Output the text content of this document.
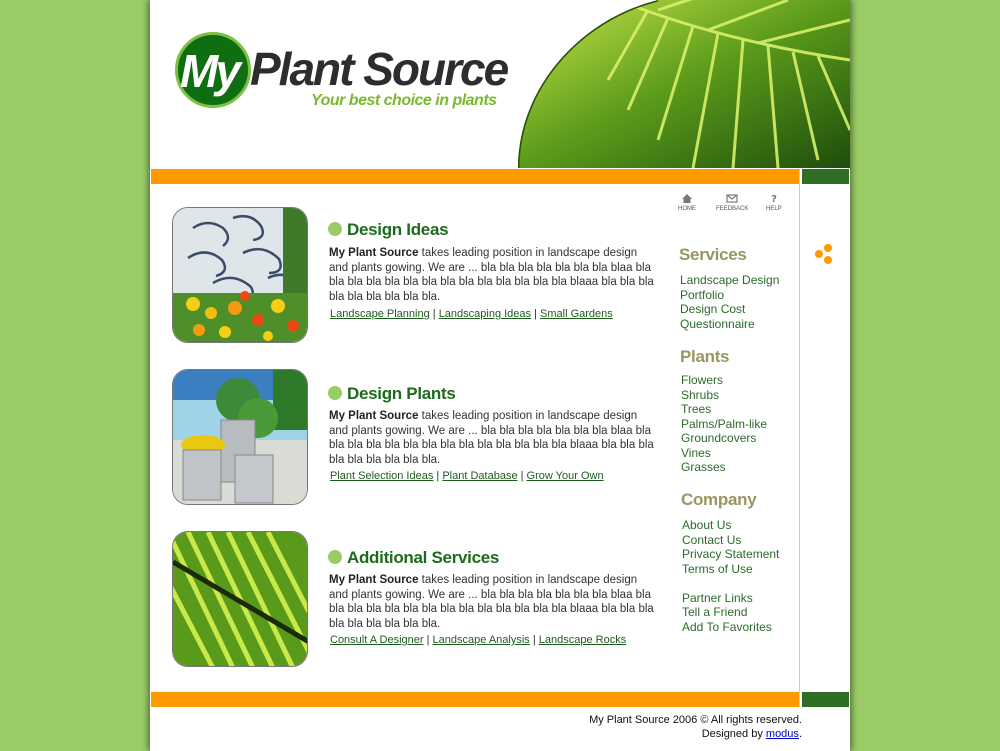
My Plant Source
Your best choice in plants
HOME	FEEDBACK
?
HELP
Design Ideas
My Plant Source takes leading position in landscape design and plants gowing. We are ... bla bla bla bla bla bla bla blaa bla bla bla bla bla bla bla bla bla bla bla bla bla bla blaaa bla bla bla bla bla bla bla bla bla.
Landscape Planning | Landscaping Ideas | Small Gardens
Design Plants
My Plant Source takes leading position in landscape design and plants gowing. We are ... bla bla bla bla bla bla bla blaa bla bla bla bla bla bla bla bla bla bla bla bla bla bla blaaa bla bla bla bla bla bla bla bla bla.
Plant Selection Ideas | Plant Database | Grow Your Own
Additional Services
My Plant Source takes leading position in landscape design and plants gowing. We are ... bla bla bla bla bla bla bla blaa bla bla bla bla bla bla bla bla bla bla bla bla bla bla blaaa bla bla bla bla bla bla bla bla bla.
Consult A Designer | Landscape Analysis | Landscape Rocks
Services
Landscape Design
Portfolio
Design Cost
Questionnaire
Plants
Flowers
Shrubs
Trees
Palms/Palm-like
Groundcovers
Vines
Grasses
Company
About Us
Contact Us
Privacy Statement
Terms of Use
Partner Links
Tell a Friend
Add To Favorites
My Plant Source 2006 © All rights reserved.
Designed by modus.
